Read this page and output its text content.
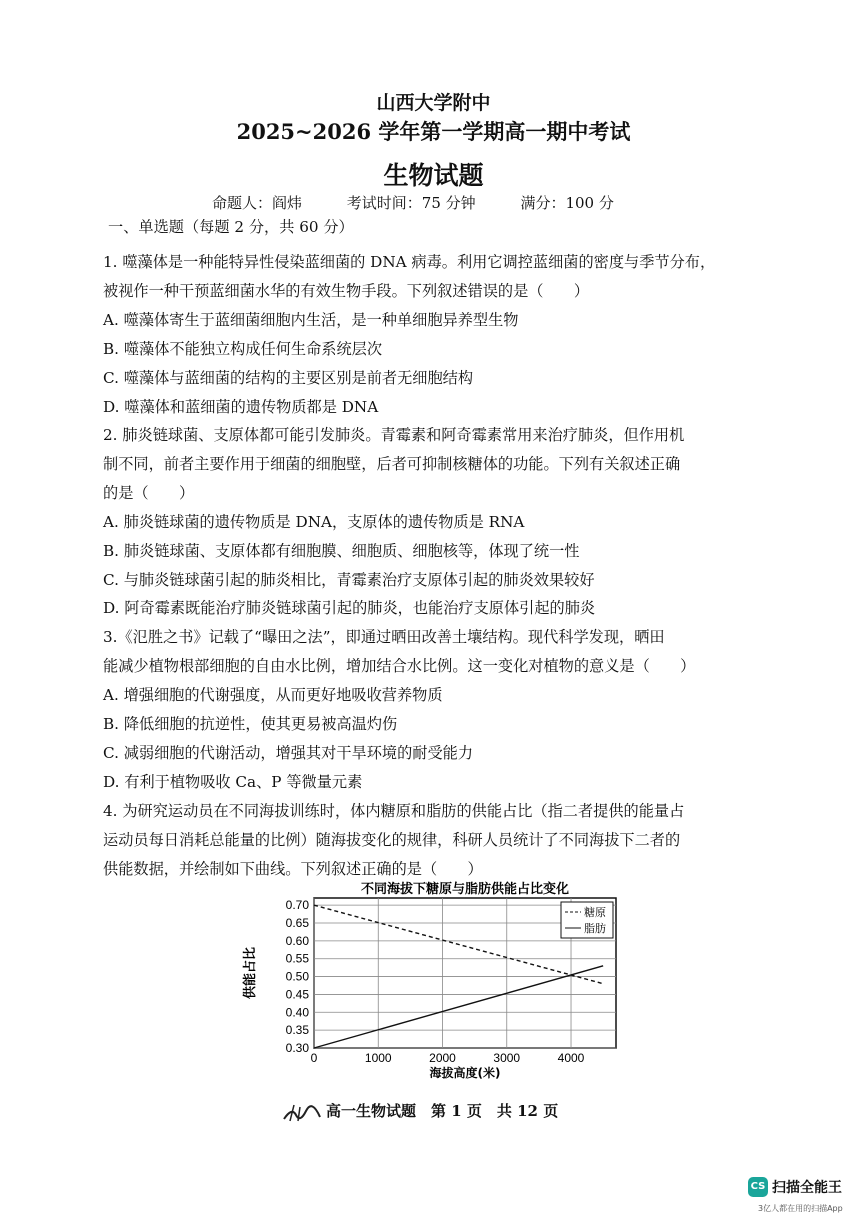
山西大学附中
2025~2026 学年第一学期高一期中考试
生物试题
命题人：阎炜	考试时间：75 分钟	满分：100 分
一、单选题（每题 2 分，共 60 分）
1. 噬藻体是一种能特异性侵染蓝细菌的 DNA 病毒。利用它调控蓝细菌的密度与季节分布，
被视作一种干预蓝细菌水华的有效生物手段。下列叙述错误的是（　　）
A. 噬藻体寄生于蓝细菌细胞内生活，是一种单细胞异养型生物
B. 噬藻体不能独立构成任何生命系统层次
C. 噬藻体与蓝细菌的结构的主要区别是前者无细胞结构
D. 噬藻体和蓝细菌的遗传物质都是 DNA
2. 肺炎链球菌、支原体都可能引发肺炎。青霉素和阿奇霉素常用来治疗肺炎，但作用机
制不同，前者主要作用于细菌的细胞壁，后者可抑制核糖体的功能。下列有关叙述正确
的是（　　）
A. 肺炎链球菌的遗传物质是 DNA，支原体的遗传物质是 RNA
B. 肺炎链球菌、支原体都有细胞膜、细胞质、细胞核等，体现了统一性
C. 与肺炎链球菌引起的肺炎相比，青霉素治疗支原体引起的肺炎效果较好
D. 阿奇霉素既能治疗肺炎链球菌引起的肺炎，也能治疗支原体引起的肺炎
3.《氾胜之书》记载了“曝田之法”，即通过晒田改善土壤结构。现代科学发现，晒田
能减少植物根部细胞的自由水比例，增加结合水比例。这一变化对植物的意义是（　　）
A. 增强细胞的代谢强度，从而更好地吸收营养物质
B. 降低细胞的抗逆性，使其更易被高温灼伤
C. 减弱细胞的代谢活动，增强其对干旱环境的耐受能力
D. 有利于植物吸收 Ca、P 等微量元素
4. 为研究运动员在不同海拔训练时，体内糖原和脂肪的供能占比（指二者提供的能量占
运动员每日消耗总能量的比例）随海拔变化的规律，科研人员统计了不同海拔下二者的
供能数据，并绘制如下曲线。下列叙述正确的是（　　）
0.30
0.35
0.40
0.45
0.50
0.55
0.60
0.65
0.70
0	1000	2000	3000	4000
不同海拔下糖原与脂肪供能占比变化
海拔高度(米)
供能占比
糖原
脂肪
高一生物试题　第 1 页　共 12 页
CS 扫描全能王
3亿人都在用的扫描App
